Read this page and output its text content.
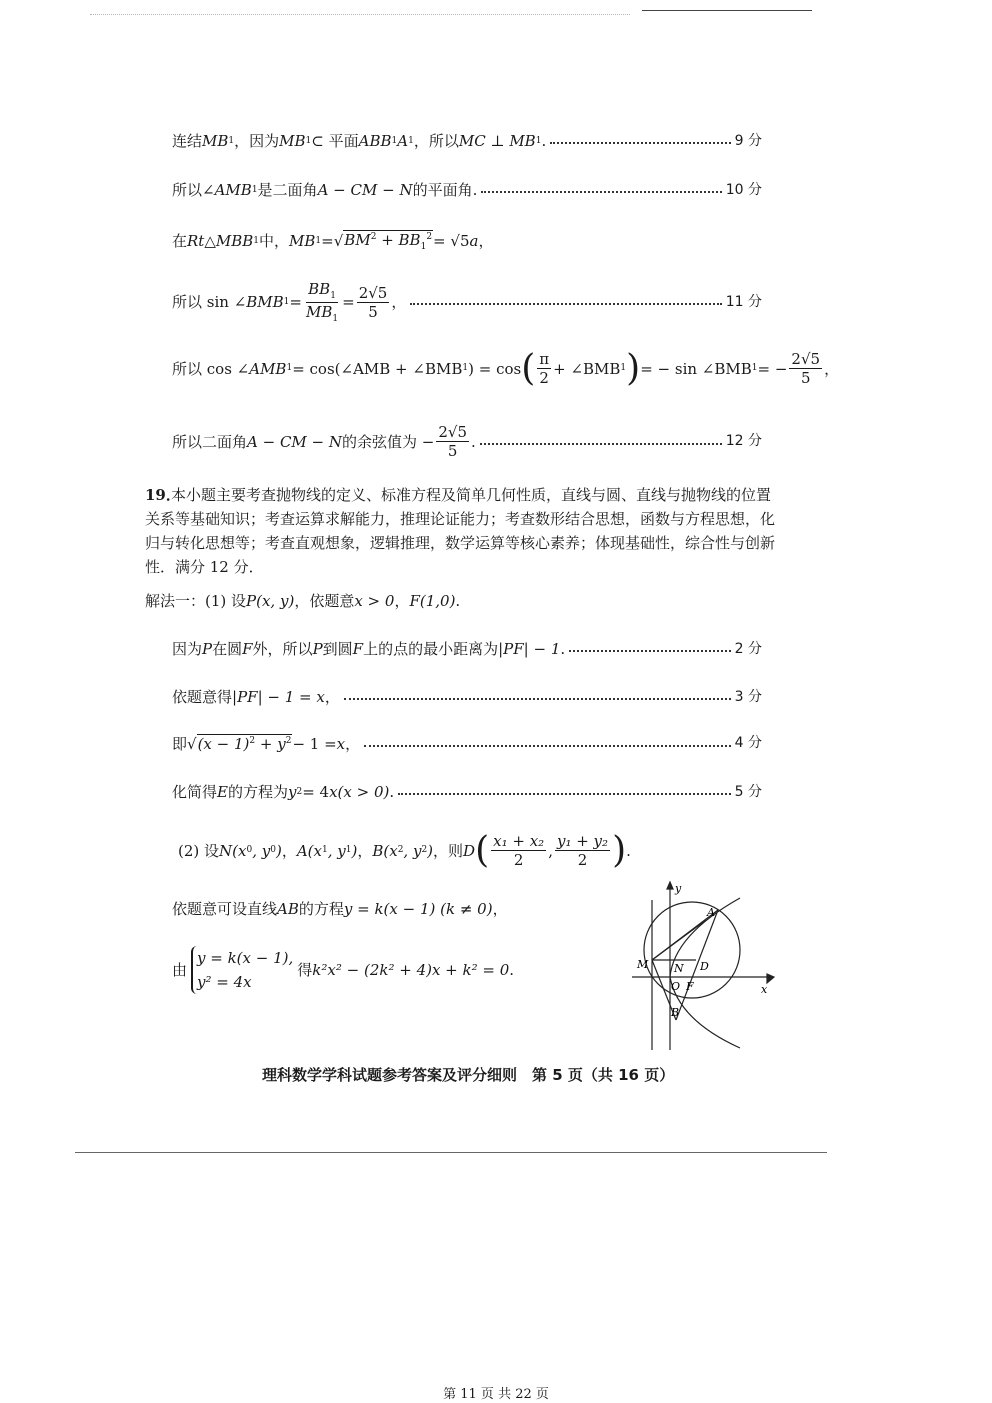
连结 MB 1 ，因为 MB 1 ⊂ 平面 ABB 1 A 1 ，所以 MC ⊥ MB 1 .	9 分
所以 ∠AMB 1 是二面角 A − CM − N 的平面角.	10 分
在 Rt△MBB 1 中， MB 1 = √ $BM^2 + BB_1^2 = √5$ a ，
所以 sin ∠ BMB $1 = \frac{BB_1}{MB_1} = \frac{2√5}{5}$ ，	11 分
所以 cos ∠ AMB 1 = cos(∠AMB + ∠BMB 1 ) = cos ( $\frac{\pi}{2}$ + ∠BMB 1 ) = − sin ∠BMB 1 = − $\frac{2√5}{5}$ ，
所以二面角 A − CM − N 的余弦值为 − $\frac{2√5}{5}$ .	12 分
19．本小题主要考查抛物线的定义、标准方程及简单几何性质，直线与圆、直线与抛物线的位置关系等基础知识；考查运算求解能力，推理论证能力；考查数形结合思想，函数与方程思想，化归与转化思想等；考查直观想象，逻辑推理，数学运算等核心素养；体现基础性，综合性与创新性．满分 12 分．
解法一：(1) 设 P(x, y) ，依题意 x > 0 ， F(1,0) .
因为 P 在圆 F 外，所以 P 到圆 F 上的点的最小距离为 |PF| − 1 .	2 分
依题意得 |PF| − 1 = x ，	3 分
即 √ $(x - 1)^2 + y^2 - 1 = x$ ，	4 分
化简得 E 的方程为 y 2 = 4 x(x > 0) .	5 分
(2) 设 N(x 0 , y 0 ) ， A(x 1 , y 1 ) ， B(x 2 , y 2 ) ，则 D ( $\frac{\text{x₁ + x₂}}{2}$ , $\frac{\text{y₁ + y₂}}{2}$ ) .
依题意可设直线 AB 的方程 y = k(x − 1) (k ≠ 0) ，
由
y = k(x − 1),
y² = 4x
得 k²x² − (2k² + 4)x + k² = 0 .
y
x
A
M N D
O F
B
理科数学学科试题参考答案及评分细则　第 5 页（共 16 页）
第 11 页 共 22 页
